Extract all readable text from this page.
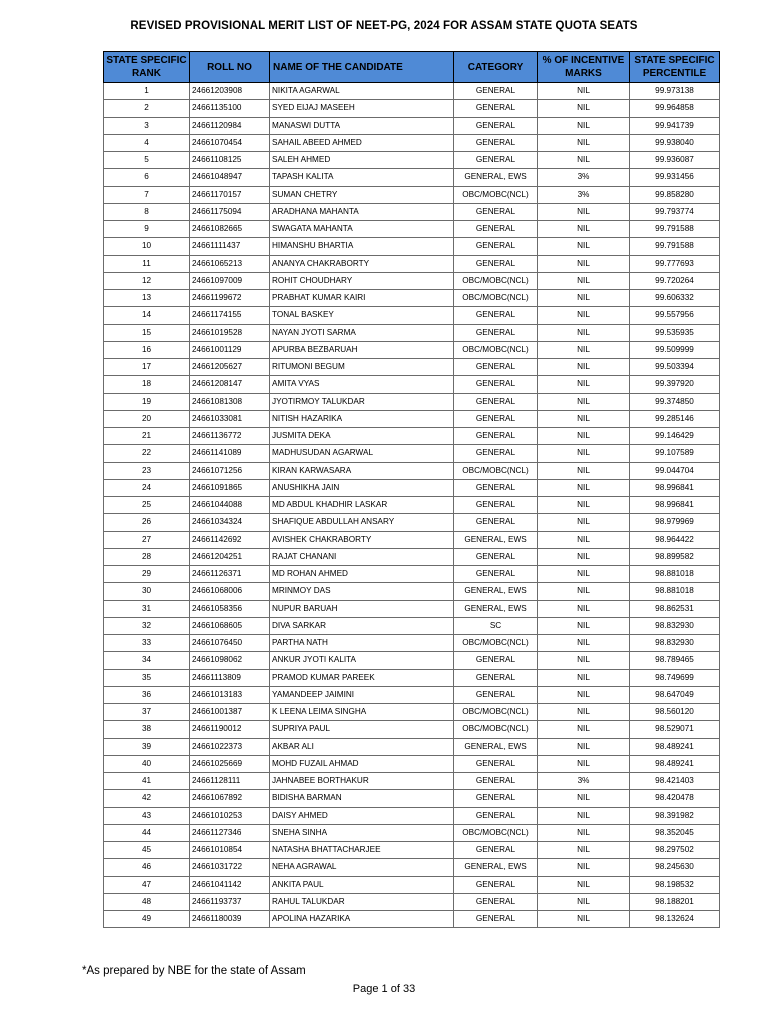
REVISED PROVISIONAL MERIT LIST OF NEET-PG, 2024 FOR ASSAM STATE QUOTA SEATS
STATE SPECIFIC RANK	ROLL NO	NAME OF THE CANDIDATE	CATEGORY	% OF INCENTIVE MARKS	STATE SPECIFIC PERCENTILE
1	24661203908	NIKITA AGARWAL	GENERAL	NIL	99.973138
2	24661135100	SYED EIJAJ MASEEH	GENERAL	NIL	99.964858
3	24661120984	MANASWI DUTTA	GENERAL	NIL	99.941739
4	24661070454	SAHAIL ABEED AHMED	GENERAL	NIL	99.938040
5	24661108125	SALEH AHMED	GENERAL	NIL	99.936087
6	24661048947	TAPASH KALITA	GENERAL, EWS	3%	99.931456
7	24661170157	SUMAN CHETRY	OBC/MOBC(NCL)	3%	99.858280
8	24661175094	ARADHANA MAHANTA	GENERAL	NIL	99.793774
9	24661082665	SWAGATA MAHANTA	GENERAL	NIL	99.791588
10	24661111437	HIMANSHU BHARTIA	GENERAL	NIL	99.791588
11	24661065213	ANANYA CHAKRABORTY	GENERAL	NIL	99.777693
12	24661097009	ROHIT CHOUDHARY	OBC/MOBC(NCL)	NIL	99.720264
13	24661199672	PRABHAT KUMAR KAIRI	OBC/MOBC(NCL)	NIL	99.606332
14	24661174155	TONAL BASKEY	GENERAL	NIL	99.557956
15	24661019528	NAYAN JYOTI SARMA	GENERAL	NIL	99.535935
16	24661001129	APURBA BEZBARUAH	OBC/MOBC(NCL)	NIL	99.509999
17	24661205627	RITUMONI BEGUM	GENERAL	NIL	99.503394
18	24661208147	AMITA VYAS	GENERAL	NIL	99.397920
19	24661081308	JYOTIRMOY TALUKDAR	GENERAL	NIL	99.374850
20	24661033081	NITISH HAZARIKA	GENERAL	NIL	99.285146
21	24661136772	JUSMITA DEKA	GENERAL	NIL	99.146429
22	24661141089	MADHUSUDAN AGARWAL	GENERAL	NIL	99.107589
23	24661071256	KIRAN KARWASARA	OBC/MOBC(NCL)	NIL	99.044704
24	24661091865	ANUSHIKHA JAIN	GENERAL	NIL	98.996841
25	24661044088	MD ABDUL KHADHIR LASKAR	GENERAL	NIL	98.996841
26	24661034324	SHAFIQUE ABDULLAH ANSARY	GENERAL	NIL	98.979969
27	24661142692	AVISHEK CHAKRABORTY	GENERAL, EWS	NIL	98.964422
28	24661204251	RAJAT CHANANI	GENERAL	NIL	98.899582
29	24661126371	MD ROHAN AHMED	GENERAL	NIL	98.881018
30	24661068006	MRINMOY DAS	GENERAL, EWS	NIL	98.881018
31	24661058356	NUPUR BARUAH	GENERAL, EWS	NIL	98.862531
32	24661068605	DIVA SARKAR	SC	NIL	98.832930
33	24661076450	PARTHA NATH	OBC/MOBC(NCL)	NIL	98.832930
34	24661098062	ANKUR JYOTI KALITA	GENERAL	NIL	98.789465
35	24661113809	PRAMOD KUMAR PAREEK	GENERAL	NIL	98.749699
36	24661013183	YAMANDEEP JAIMINI	GENERAL	NIL	98.647049
37	24661001387	K LEENA LEIMA SINGHA	OBC/MOBC(NCL)	NIL	98.560120
38	24661190012	SUPRIYA PAUL	OBC/MOBC(NCL)	NIL	98.529071
39	24661022373	AKBAR ALI	GENERAL, EWS	NIL	98.489241
40	24661025669	MOHD FUZAIL AHMAD	GENERAL	NIL	98.489241
41	24661128111	JAHNABEE BORTHAKUR	GENERAL	3%	98.421403
42	24661067892	BIDISHA BARMAN	GENERAL	NIL	98.420478
43	24661010253	DAISY AHMED	GENERAL	NIL	98.391982
44	24661127346	SNEHA SINHA	OBC/MOBC(NCL)	NIL	98.352045
45	24661010854	NATASHA BHATTACHARJEE	GENERAL	NIL	98.297502
46	24661031722	NEHA AGRAWAL	GENERAL, EWS	NIL	98.245630
47	24661041142	ANKITA PAUL	GENERAL	NIL	98.198532
48	24661193737	RAHUL TALUKDAR	GENERAL	NIL	98.188201
49	24661180039	APOLINA HAZARIKA	GENERAL	NIL	98.132624
*As prepared by NBE for the state of Assam
Page 1 of 33
